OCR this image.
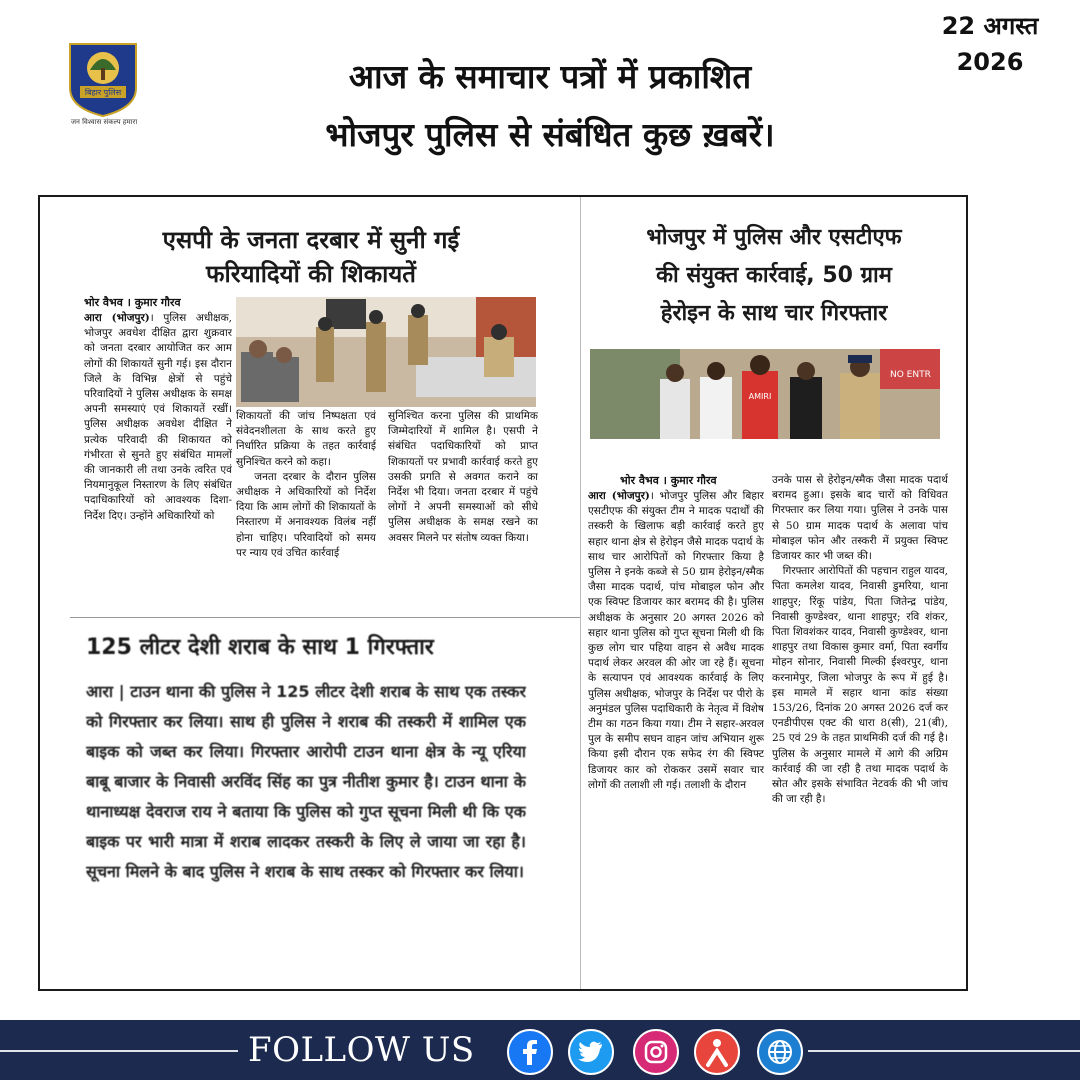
बिहार पुलिस
जन विश्वास संकल्प हमारा
22 अगस्त
2026
आज के समाचार पत्रों में प्रकाशित
भोजपुर पुलिस से संबंधित कुछ ख़बरें।
एसपी के जनता दरबार में सुनी गई
फरियादियों की शिकायतें
भोर वैभव । कुमार गौरव
आरा (भोजपुर)। पुलिस अधीक्षक, भोजपुर अवधेश दीक्षित द्वारा शुक्रवार को जनता दरबार आयोजित कर आम लोगों की शिकायतें सुनी गई। इस दौरान जिले के विभिन्न क्षेत्रों से पहुंचे परिवादियों ने पुलिस अधीक्षक के समक्ष अपनी समस्याएं एवं शिकायतें रखीं। पुलिस अधीक्षक अवधेश दीक्षित ने प्रत्येक परिवादी की शिकायत को गंभीरता से सुनते हुए संबंधित मामलों की जानकारी ली तथा उनके त्वरित एवं नियमानुकूल निस्तारण के लिए संबंधित पदाधिकारियों को आवश्यक दिशा-निर्देश दिए। उन्होंने अधिकारियों को
शिकायतों की जांच निष्पक्षता एवं संवेदनशीलता के साथ करते हुए निर्धारित प्रक्रिया के तहत कार्रवाई सुनिश्चित करने को कहा।
जनता दरबार के दौरान पुलिस अधीक्षक ने अधिकारियों को निर्देश दिया कि आम लोगों की शिकायतों के निस्तारण में अनावश्यक विलंब नहीं होना चाहिए। परिवादियों को समय पर न्याय एवं उचित कार्रवाई
सुनिश्चित करना पुलिस की प्राथमिक जिम्मेदारियों में शामिल है। एसपी ने संबंधित पदाधिकारियों को प्राप्त शिकायतों पर प्रभावी कार्रवाई करते हुए उसकी प्रगति से अवगत कराने का निर्देश भी दिया। जनता दरबार में पहुंचे लोगों ने अपनी समस्याओं को सीधे पुलिस अधीक्षक के समक्ष रखने का अवसर मिलने पर संतोष व्यक्त किया।
125 लीटर देशी शराब के साथ 1 गिरफ्तार
आरा | टाउन थाना की पुलिस ने 125 लीटर देशी शराब के साथ एक तस्कर को गिरफ्तार कर लिया। साथ ही पुलिस ने शराब की तस्करी में शामिल एक बाइक को जब्त कर लिया। गिरफ्तार आरोपी टाउन थाना क्षेत्र के न्यू एरिया बाबू बाजार के निवासी अरविंद सिंह का पुत्र नीतीश कुमार है। टाउन थाना के थानाध्यक्ष देवराज राय ने बताया कि पुलिस को गुप्त सूचना मिली थी कि एक बाइक पर भारी मात्रा में शराब लादकर तस्करी के लिए ले जाया जा रहा है। सूचना मिलने के बाद पुलिस ने शराब के साथ तस्कर को गिरफ्तार कर लिया।
भोजपुर में पुलिस और एसटीएफ
की संयुक्त कार्रवाई, 50 ग्राम
हेरोइन के साथ चार गिरफ्तार
NO ENTR
AMIRI
भोर वैभव । कुमार गौरव
आरा (भोजपुर)। भोजपुर पुलिस और बिहार एसटीएफ की संयुक्त टीम ने मादक पदार्थों की तस्करी के खिलाफ बड़ी कार्रवाई करते हुए सहार थाना क्षेत्र से हेरोइन जैसे मादक पदार्थ के साथ चार आरोपितों को गिरफ्तार किया है पुलिस ने इनके कब्जे से 50 ग्राम हेरोइन/स्मैक जैसा मादक पदार्थ, पांच मोबाइल फोन और एक स्विफ्ट डिजायर कार बरामद की है। पुलिस अधीक्षक के अनुसार 20 अगस्त 2026 को सहार थाना पुलिस को गुप्त सूचना मिली थी कि कुछ लोग चार पहिया वाहन से अवैध मादक पदार्थ लेकर अरवल की ओर जा रहे हैं। सूचना के सत्यापन एवं आवश्यक कार्रवाई के लिए पुलिस अधीक्षक, भोजपुर के निर्देश पर पीरो के अनुमंडल पुलिस पदाधिकारी के नेतृत्व में विशेष टीम का गठन किया गया। टीम ने सहार-अरवल पुल के समीप सघन वाहन जांच अभियान शुरू किया इसी दौरान एक सफेद रंग की स्विफ्ट डिजायर कार को रोककर उसमें सवार चार लोगों की तलाशी ली गई। तलाशी के दौरान
उनके पास से हेरोइन/स्मैक जैसा मादक पदार्थ बरामद हुआ। इसके बाद चारों को विधिवत गिरफ्तार कर लिया गया। पुलिस ने उनके पास से 50 ग्राम मादक पदार्थ के अलावा पांच मोबाइल फोन और तस्करी में प्रयुक्त स्विफ्ट डिजायर कार भी जब्त की।
गिरफ्तार आरोपितों की पहचान राहुल यादव, पिता कमलेश यादव, निवासी डुमरिया, थाना शाहपुर; रिंकू पांडेय, पिता जितेन्द्र पांडेय, निवासी कुण्डेश्वर, थाना शाहपुर; रवि शंकर, पिता शिवशंकर यादव, निवासी कुण्डेश्वर, थाना शाहपुर तथा विकास कुमार वर्मा, पिता स्वर्गीय मोहन सोनार, निवासी मिल्की ईश्वरपुर, थाना करनामेपुर, जिला भोजपुर के रूप में हुई है। इस मामले में सहार थाना कांड संख्या 153/26, दिनांक 20 अगस्त 2026 दर्ज कर एनडीपीएस एक्ट की धारा 8(सी), 21(बी), 25 एवं 29 के तहत प्राथमिकी दर्ज की गई है। पुलिस के अनुसार मामले में आगे की अग्रिम कार्रवाई की जा रही है तथा मादक पदार्थ के स्रोत और इसके संभावित नेटवर्क की भी जांच की जा रही है।
FOLLOW US
